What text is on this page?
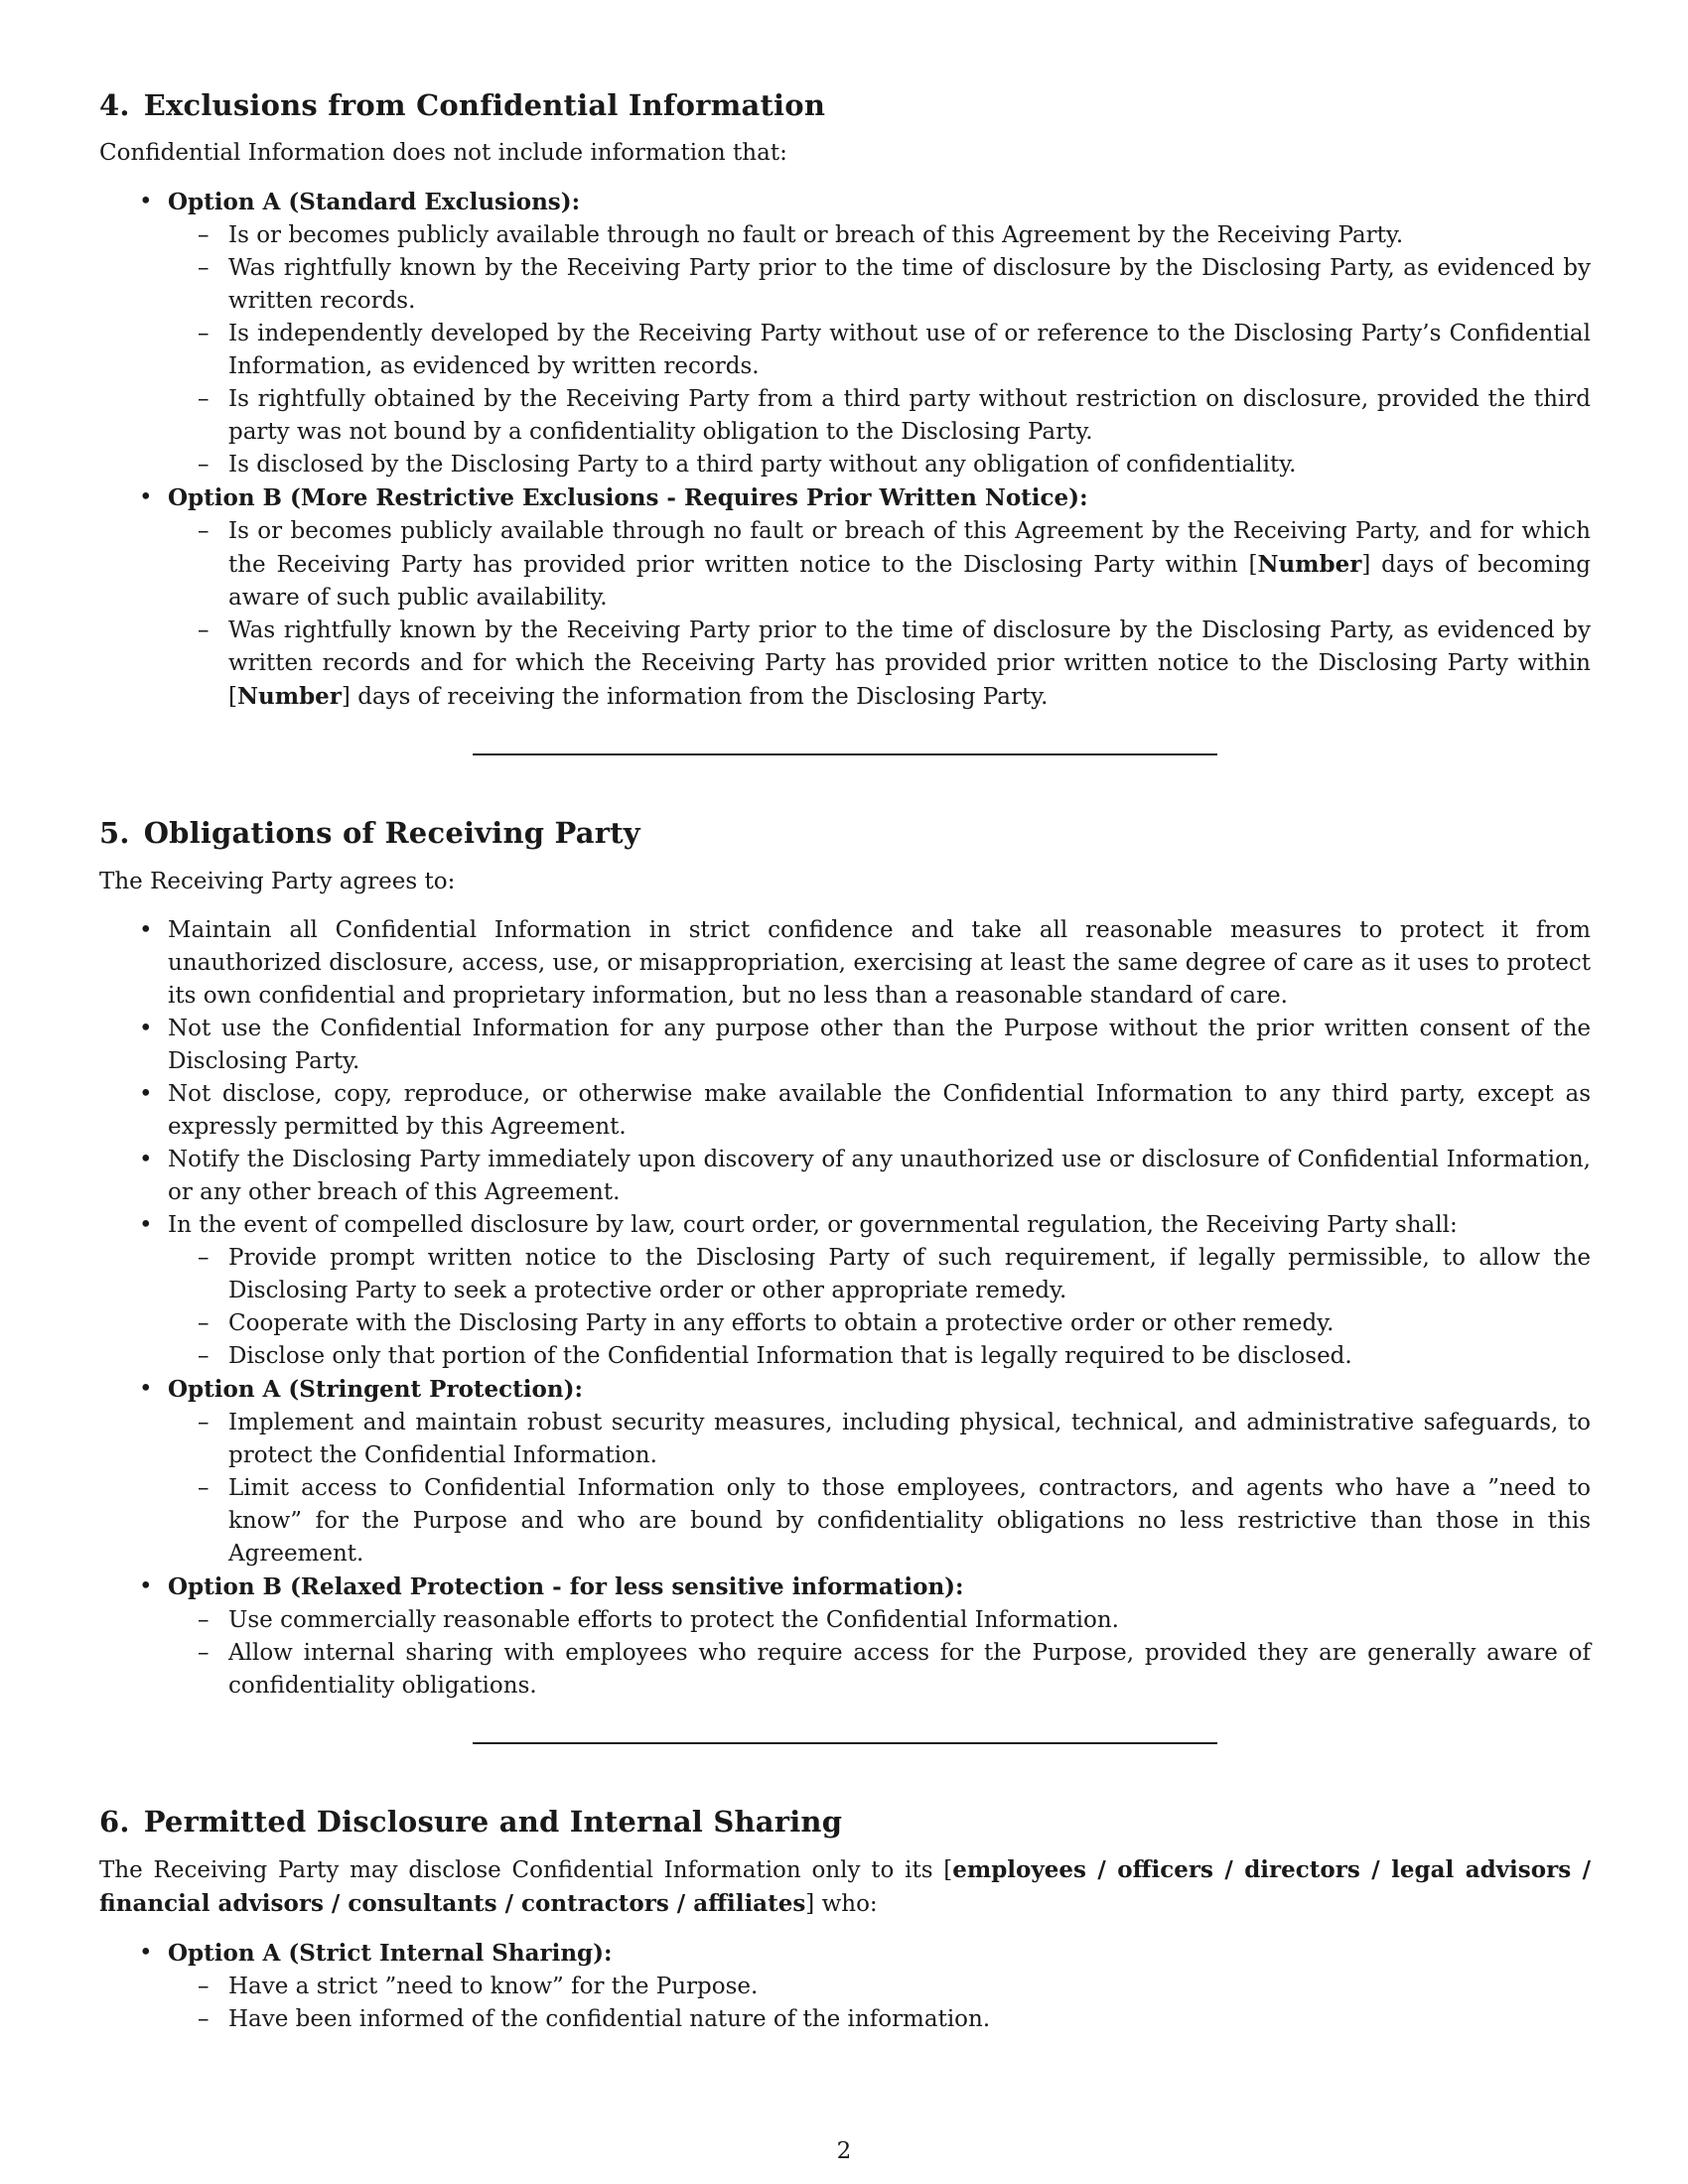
4. Exclusions from Confidential Information

Confidential Information does not include information that:

• Option A (Standard Exclusions):
– Is or becomes publicly available through no fault or breach of this Agreement by the Receiving Party.
– Was rightfully known by the Receiving Party prior to the time of disclosure by the Disclosing Party, as evidenced by written records.
– Is independently developed by the Receiving Party without use of or reference to the Disclosing Party’s Confidential Information, as evidenced by written records.
– Is rightfully obtained by the Receiving Party from a third party without restriction on disclosure, provided the third party was not bound by a confidentiality obligation to the Disclosing Party.
– Is disclosed by the Disclosing Party to a third party without any obligation of confidentiality.
• Option B (More Restrictive Exclusions - Requires Prior Written Notice):
– Is or becomes publicly available through no fault or breach of this Agreement by the Receiving Party, and for which the Receiving Party has provided prior written notice to the Disclosing Party within [Number] days of becoming aware of such public availability.
– Was rightfully known by the Receiving Party prior to the time of disclosure by the Disclosing Party, as evidenced by written records and for which the Receiving Party has provided prior written notice to the Disclosing Party within [Number] days of receiving the information from the Disclosing Party.
5. Obligations of Receiving Party

The Receiving Party agrees to:

• Maintain all Confidential Information in strict confidence and take all reasonable measures to protect it from unauthorized disclosure, access, use, or misappropriation, exercising at least the same degree of care as it uses to protect its own confidential and proprietary information, but no less than a reasonable standard of care.
• Not use the Confidential Information for any purpose other than the Purpose without the prior written consent of the Disclosing Party.
• Not disclose, copy, reproduce, or otherwise make available the Confidential Information to any third party, except as expressly permitted by this Agreement.
• Notify the Disclosing Party immediately upon discovery of any unauthorized use or disclosure of Confidential Information, or any other breach of this Agreement.
• In the event of compelled disclosure by law, court order, or governmental regulation, the Receiving Party shall:
– Provide prompt written notice to the Disclosing Party of such requirement, if legally permissible, to allow the Disclosing Party to seek a protective order or other appropriate remedy.
– Cooperate with the Disclosing Party in any efforts to obtain a protective order or other remedy.
– Disclose only that portion of the Confidential Information that is legally required to be disclosed.
• Option A (Stringent Protection):
– Implement and maintain robust security measures, including physical, technical, and administrative safeguards, to protect the Confidential Information.
– Limit access to Confidential Information only to those employees, contractors, and agents who have a ”need to know” for the Purpose and who are bound by confidentiality obligations no less restrictive than those in this Agreement.
• Option B (Relaxed Protection - for less sensitive information):
– Use commercially reasonable efforts to protect the Confidential Information.
– Allow internal sharing with employees who require access for the Purpose, provided they are generally aware of confidentiality obligations.
6. Permitted Disclosure and Internal Sharing

The Receiving Party may disclose Confidential Information only to its [employees / officers / directors / legal advisors / financial advisors / consultants / contractors / affiliates] who:

• Option A (Strict Internal Sharing):
– Have a strict ”need to know” for the Purpose.
– Have been informed of the confidential nature of the information.
2
